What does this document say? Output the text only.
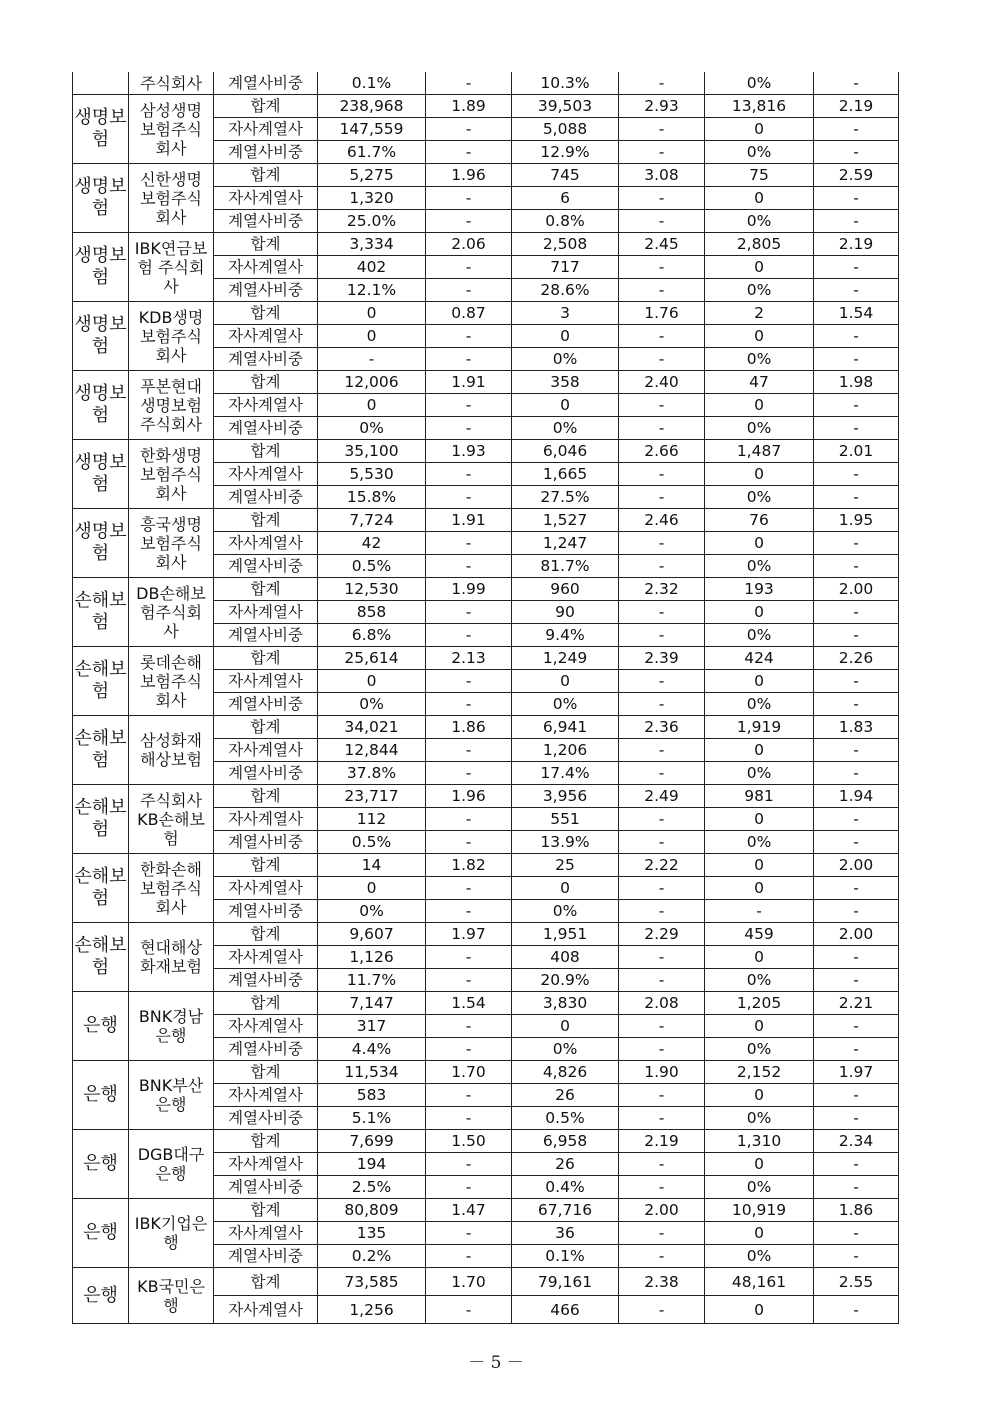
	주식회사	계열사비중	0.1%	-	10.3%	-	0%	-
생명보험	삼성생명보험주식회사	합계	238,968	1.89	39,503	2.93	13,816	2.19
		자사계열사	147,559	-	5,088	-	0	-
		계열사비중	61.7%	-	12.9%	-	0%	-
생명보험	신한생명보험주식회사	합계	5,275	1.96	745	3.08	75	2.59
		자사계열사	1,320	-	6	-	0	-
		계열사비중	25.0%	-	0.8%	-	0%	-
생명보험	IBK연금보험 주식회사	합계	3,334	2.06	2,508	2.45	2,805	2.19
		자사계열사	402	-	717	-	0	-
		계열사비중	12.1%	-	28.6%	-	0%	-
생명보험	KDB생명보험주식회사	합계	0	0.87	3	1.76	2	1.54
		자사계열사	0	-	0	-	0	-
		계열사비중	-	-	0%	-	0%	-
생명보험	푸본현대생명보험주식회사	합계	12,006	1.91	358	2.40	47	1.98
		자사계열사	0	-	0	-	0	-
		계열사비중	0%	-	0%	-	0%	-
생명보험	한화생명보험주식회사	합계	35,100	1.93	6,046	2.66	1,487	2.01
		자사계열사	5,530	-	1,665	-	0	-
		계열사비중	15.8%	-	27.5%	-	0%	-
생명보험	흥국생명보험주식회사	합계	7,724	1.91	1,527	2.46	76	1.95
		자사계열사	42	-	1,247	-	0	-
		계열사비중	0.5%	-	81.7%	-	0%	-
손해보험	DB손해보험주식회사	합계	12,530	1.99	960	2.32	193	2.00
		자사계열사	858	-	90	-	0	-
		계열사비중	6.8%	-	9.4%	-	0%	-
손해보험	롯데손해보험주식회사	합계	25,614	2.13	1,249	2.39	424	2.26
		자사계열사	0	-	0	-	0	-
		계열사비중	0%	-	0%	-	0%	-
손해보험	삼성화재해상보험	합계	34,021	1.86	6,941	2.36	1,919	1.83
		자사계열사	12,844	-	1,206	-	0	-
		계열사비중	37.8%	-	17.4%	-	0%	-
손해보험	주식회사KB손해보험	합계	23,717	1.96	3,956	2.49	981	1.94
		자사계열사	112	-	551	-	0	-
		계열사비중	0.5%	-	13.9%	-	0%	-
손해보험	한화손해보험주식회사	합계	14	1.82	25	2.22	0	2.00
		자사계열사	0	-	0	-	0	-
		계열사비중	0%	-	0%	-	-	-
손해보험	현대해상화재보험	합계	9,607	1.97	1,951	2.29	459	2.00
		자사계열사	1,126	-	408	-	0	-
		계열사비중	11.7%	-	20.9%	-	0%	-
은행	BNK경남은행	합계	7,147	1.54	3,830	2.08	1,205	2.21
		자사계열사	317	-	0	-	0	-
		계열사비중	4.4%	-	0%	-	0%	-
은행	BNK부산은행	합계	11,534	1.70	4,826	1.90	2,152	1.97
		자사계열사	583	-	26	-	0	-
		계열사비중	5.1%	-	0.5%	-	0%	-
은행	DGB대구은행	합계	7,699	1.50	6,958	2.19	1,310	2.34
		자사계열사	194	-	26	-	0	-
		계열사비중	2.5%	-	0.4%	-	0%	-
은행	IBK기업은행	합계	80,809	1.47	67,716	2.00	10,919	1.86
		자사계열사	135	-	36	-	0	-
		계열사비중	0.2%	-	0.1%	-	0%	-
은행	KB국민은행	합계	73,585	1.70	79,161	2.38	48,161	2.55
		자사계열사	1,256	-	466	-	0	-
－ 5 －
